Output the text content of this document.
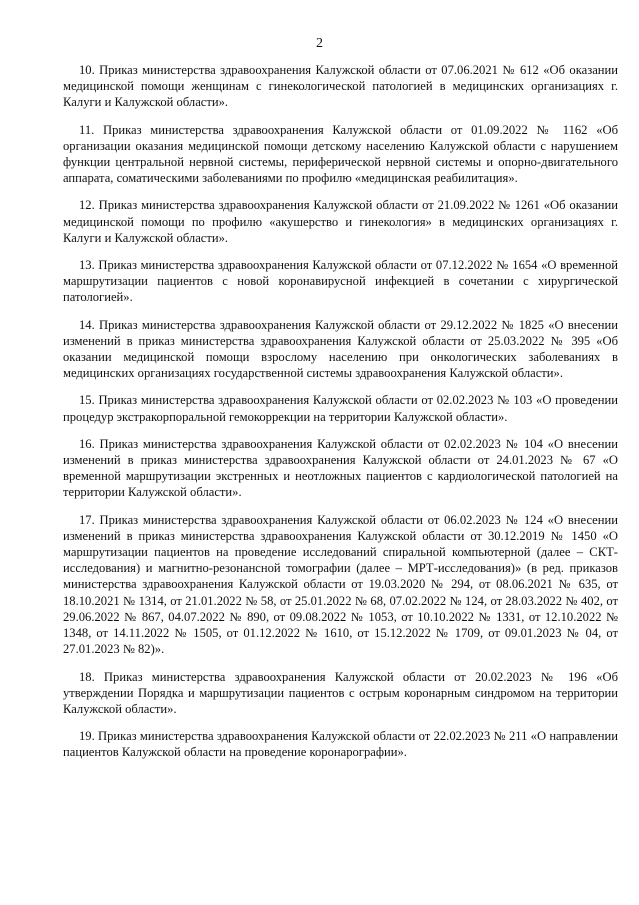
2

10. Приказ министерства здравоохранения Калужской области от 07.06.2021 № 612 «Об оказании медицинской помощи женщинам с гинекологической патологией в медицинских организациях г. Калуги и Калужской области».

11. Приказ министерства здравоохранения Калужской области от 01.09.2022 № 1162 «Об организации оказания медицинской помощи детскому населению Калужской области с нарушением функции центральной нервной системы, периферической нервной системы и опорно-двигательного аппарата, соматическими заболеваниями по профилю «медицинская реабилитация».

12. Приказ министерства здравоохранения Калужской области от 21.09.2022 № 1261 «Об оказании медицинской помощи по профилю «акушерство и гинекология» в медицинских организациях г. Калуги и Калужской области».

13. Приказ министерства здравоохранения Калужской области от 07.12.2022 № 1654 «О временной маршрутизации пациентов с новой коронавирусной инфекцией в сочетании с хирургической патологией».

14. Приказ министерства здравоохранения Калужской области от 29.12.2022 № 1825 «О внесении изменений в приказ министерства здравоохранения Калужской области от 25.03.2022 № 395 «Об оказании медицинской помощи взрослому населению при онкологических заболеваниях в медицинских организациях государственной системы здравоохранения Калужской области».

15. Приказ министерства здравоохранения Калужской области от 02.02.2023 № 103 «О проведении процедур экстракорпоральной гемокоррекции на территории Калужской области».

16. Приказ министерства здравоохранения Калужской области от 02.02.2023 № 104 «О внесении изменений в приказ министерства здравоохранения Калужской области от 24.01.2023 № 67 «О временной маршрутизации экстренных и неотложных пациентов с кардиологической патологией на территории Калужской области».

17. Приказ министерства здравоохранения Калужской области от 06.02.2023 № 124 «О внесении изменений в приказ министерства здравоохранения Калужской области от 30.12.2019 № 1450 «О маршрутизации пациентов на проведение исследований спиральной компьютерной (далее – СКТ-исследования) и магнитно-резонансной томографии (далее – МРТ-исследования)» (в ред. приказов министерства здравоохранения Калужской области от 19.03.2020 № 294, от 08.06.2021 № 635, от 18.10.2021 № 1314, от 21.01.2022 № 58, от 25.01.2022 № 68, 07.02.2022 № 124, от 28.03.2022 № 402, от 29.06.2022 № 867, 04.07.2022 № 890, от 09.08.2022 № 1053, от 10.10.2022 № 1331, от 12.10.2022 № 1348, от 14.11.2022 № 1505, от 01.12.2022 № 1610, от 15.12.2022 № 1709, от 09.01.2023 № 04, от 27.01.2023 № 82)».

18. Приказ министерства здравоохранения Калужской области от 20.02.2023 № 196 «Об утверждении Порядка и маршрутизации пациентов с острым коронарным синдромом на территории Калужской области».

19. Приказ министерства здравоохранения Калужской области от 22.02.2023 № 211 «О направлении пациентов Калужской области на проведение коронарографии».
